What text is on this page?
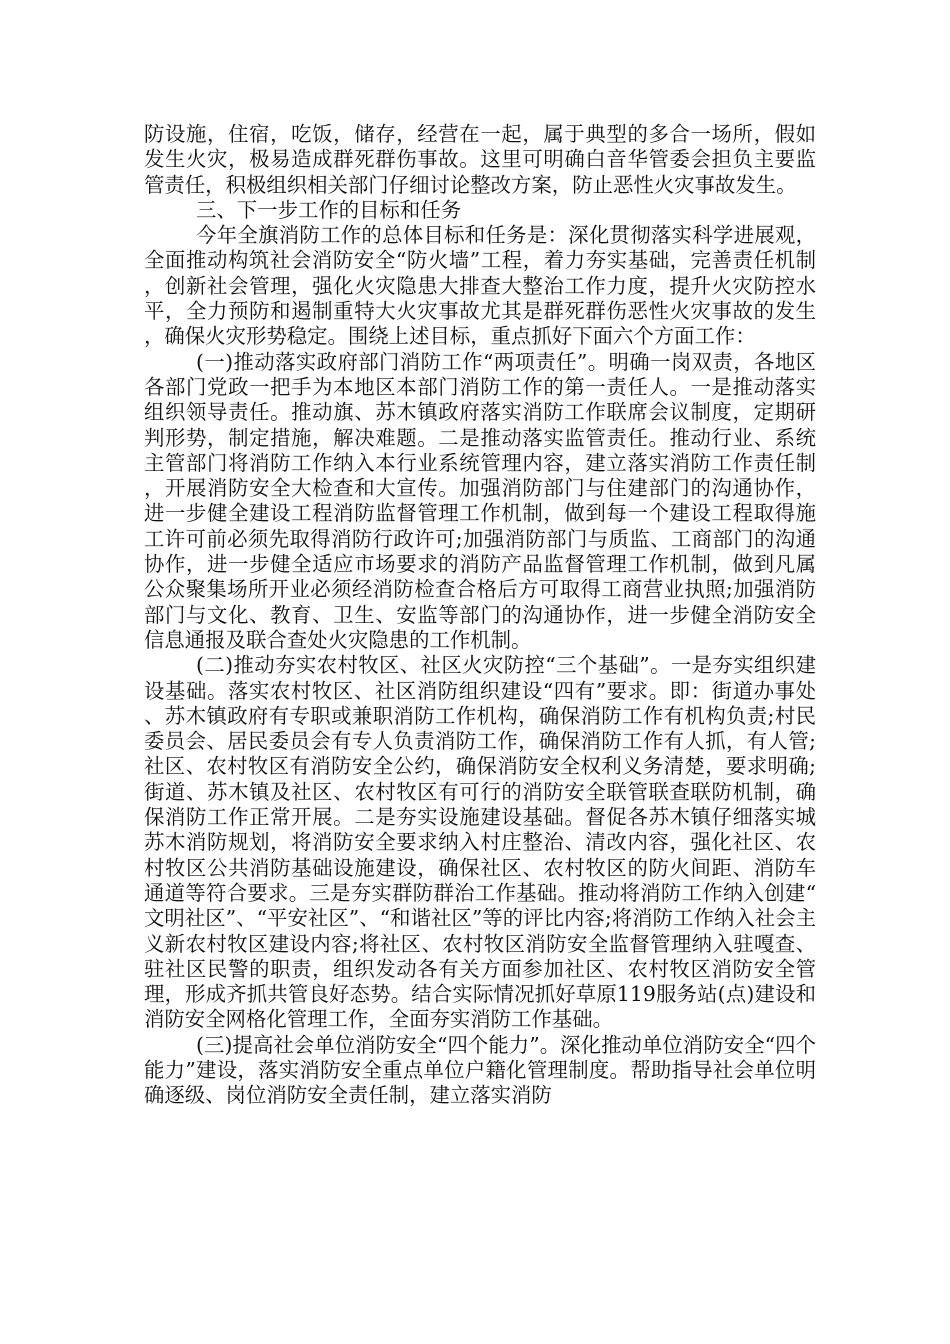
防设施，住宿，吃饭，储存，经营在一起，属于典型的多合一场所，假如发生火灾，极易造成群死群伤事故。这里可明确白音华管委会担负主要监管责任，积极组织相关部门仔细讨论整改方案，防止恶性火灾事故发生。

三、下一步工作的目标和任务

今年全旗消防工作的总体目标和任务是：深化贯彻落实科学进展观，全面推动构筑社会消防安全“防火墙”工程，着力夯实基础，完善责任机制，创新社会管理，强化火灾隐患大排查大整治工作力度，提升火灾防控水平，全力预防和遏制重特大火灾事故尤其是群死群伤恶性火灾事故的发生，确保火灾形势稳定。围绕上述目标，重点抓好下面六个方面工作：

(一)推动落实政府部门消防工作“两项责任”。明确一岗双责，各地区各部门党政一把手为本地区本部门消防工作的第一责任人。一是推动落实组织领导责任。推动旗、苏木镇政府落实消防工作联席会议制度，定期研判形势，制定措施，解决难题。二是推动落实监管责任。推动行业、系统主管部门将消防工作纳入本行业系统管理内容，建立落实消防工作责任制，开展消防安全大检查和大宣传。加强消防部门与住建部门的沟通协作，进一步健全建设工程消防监督管理工作机制，做到每一个建设工程取得施工许可前必须先取得消防行政许可;加强消防部门与质监、工商部门的沟通协作，进一步健全适应市场要求的消防产品监督管理工作机制，做到凡属公众聚集场所开业必须经消防检查合格后方可取得工商营业执照;加强消防部门与文化、教育、卫生、安监等部门的沟通协作，进一步健全消防安全信息通报及联合查处火灾隐患的工作机制。

(二)推动夯实农村牧区、社区火灾防控“三个基础”。一是夯实组织建设基础。落实农村牧区、社区消防组织建设“四有”要求。即：街道办事处、苏木镇政府有专职或兼职消防工作机构，确保消防工作有机构负责;村民委员会、居民委员会有专人负责消防工作，确保消防工作有人抓，有人管;社区、农村牧区有消防安全公约，确保消防安全权利义务清楚，要求明确;街道、苏木镇及社区、农村牧区有可行的消防安全联管联查联防机制，确保消防工作正常开展。二是夯实设施建设基础。督促各苏木镇仔细落实城苏木消防规划，将消防安全要求纳入村庄整治、清改内容，强化社区、农村牧区公共消防基础设施建设，确保社区、农村牧区的防火间距、消防车通道等符合要求。三是夯实群防群治工作基础。推动将消防工作纳入创建“文明社区”、“平安社区”、“和谐社区”等的评比内容;将消防工作纳入社会主义新农村牧区建设内容;将社区、农村牧区消防安全监督管理纳入驻嘎查、驻社区民警的职责，组织发动各有关方面参加社区、农村牧区消防安全管理，形成齐抓共管良好态势。结合实际情况抓好草原119服务站(点)建设和消防安全网格化管理工作，全面夯实消防工作基础。

(三)提高社会单位消防安全“四个能力”。深化推动单位消防安全“四个能力”建设，落实消防安全重点单位户籍化管理制度。帮助指导社会单位明确逐级、岗位消防安全责任制，建立落实消防
